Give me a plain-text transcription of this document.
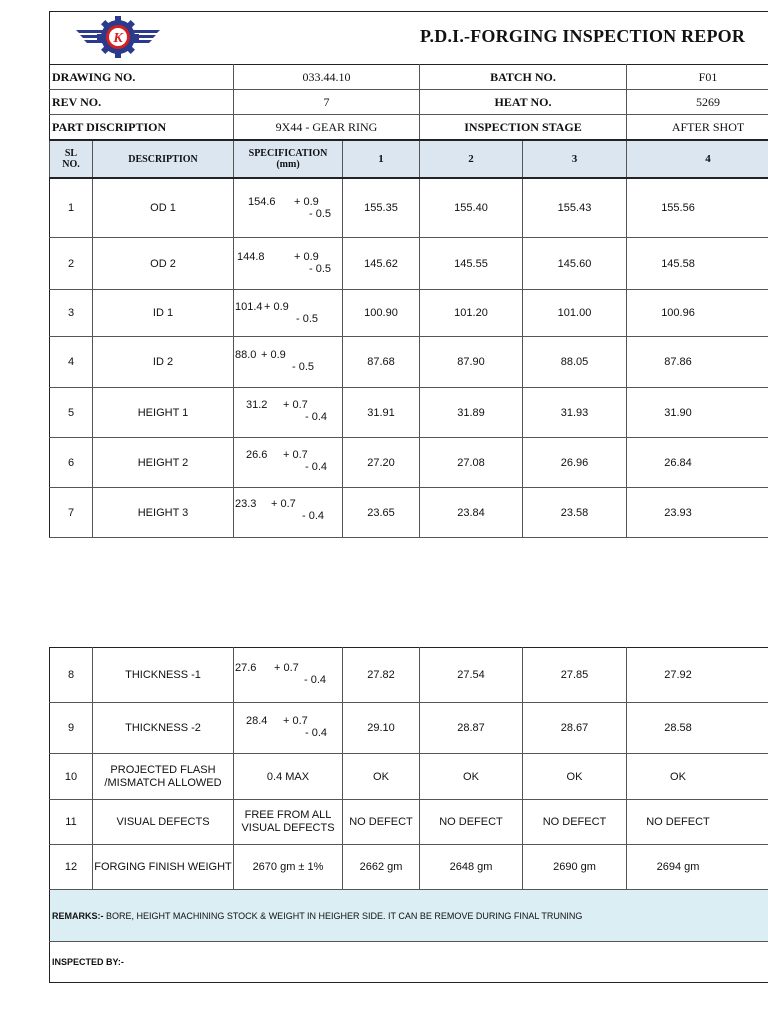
K	P.D.I.-FORGING INSPECTION REPOR
DRAWING NO.		033.44.10		BATCH NO.		F01
REV NO.		7		HEAT NO.		5269
PART DISCRIPTION		9X44 - GEAR RING		INSPECTION STAGE		AFTER SHOT
SL
NO.	DESCRIPTION	SPECIFICATION
(mm)	1	2	3	4
1	OD 1	154.6 + 0.9
- 0.5	155.35	155.40	155.43	155.56
2	OD 2	144.8 + 0.9
- 0.5	145.62	145.55	145.60	145.58
3	ID 1	101.4 + 0.9
- 0.5	100.90	101.20	101.00	100.96
4	ID 2	88.0 + 0.9
- 0.5	87.68	87.90	88.05	87.86
5	HEIGHT 1	31.2 + 0.7
- 0.4	31.91	31.89	31.93	31.90
6	HEIGHT 2	26.6 + 0.7
- 0.4	27.20	27.08	26.96	26.84
7	HEIGHT 3	23.3 + 0.7
- 0.4	23.65	23.84	23.58	23.93
8	THICKNESS -1	27.6 + 0.7
- 0.4	27.82	27.54	27.85	27.92
9	THICKNESS -2	28.4 + 0.7
- 0.4	29.10	28.87	28.67	28.58
10	PROJECTED FLASH
/MISMATCH ALLOWED	0.4 MAX	OK	OK	OK	OK
11	VISUAL DEFECTS	FREE FROM ALL
VISUAL DEFECTS	NO DEFECT	NO DEFECT	NO DEFECT	NO DEFECT
12	FORGING FINISH WEIGHT	2670 gm ± 1%	2662 gm	2648 gm	2690 gm	2694 gm
REMARKS:- BORE, HEIGHT MACHINING STOCK & WEIGHT IN HEIGHER SIDE. IT CAN BE REMOVE DURING FINAL TRUNING						
INSPECTED BY:-						
